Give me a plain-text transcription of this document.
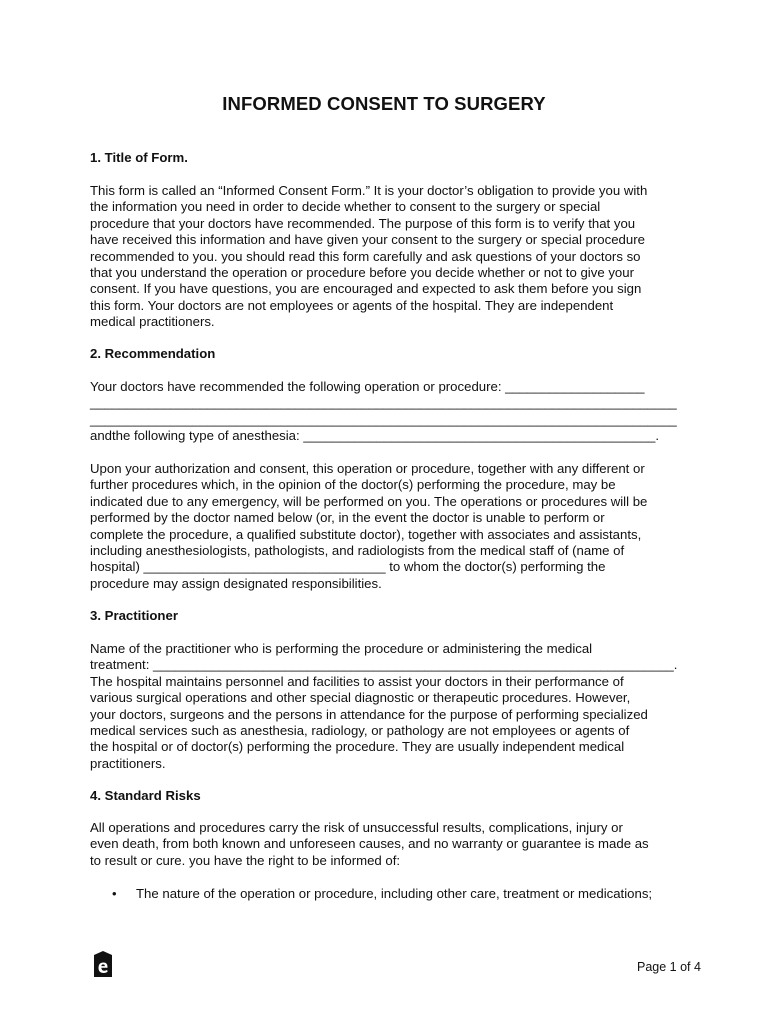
INFORMED CONSENT TO SURGERY
1. Title of Form.
This form is called an “Informed Consent Form.” It is your doctor’s obligation to provide you with
the information you need in order to decide whether to consent to the surgery or special
procedure that your doctors have recommended. The purpose of this form is to verify that you
have received this information and have given your consent to the surgery or special procedure
recommended to you. you should read this form carefully and ask questions of your doctors so
that you understand the operation or procedure before you decide whether or not to give your
consent. If you have questions, you are encouraged and expected to ask them before you sign
this form. Your doctors are not employees or agents of the hospital. They are independent
medical practitioners.
2. Recommendation
Your doctors have recommended the following operation or procedure: ___________________
________________________________________________________________________________
________________________________________________________________________________
andthe following type of anesthesia: ________________________________________________.
Upon your authorization and consent, this operation or procedure, together with any different or
further procedures which, in the opinion of the doctor(s) performing the procedure, may be
indicated due to any emergency, will be performed on you. The operations or procedures will be
performed by the doctor named below (or, in the event the doctor is unable to perform or
complete the procedure, a qualified substitute doctor), together with associates and assistants,
including anesthesiologists, pathologists, and radiologists from the medical staff of (name of
hospital) _________________________________ to whom the doctor(s) performing the
procedure may assign designated responsibilities.
3. Practitioner
Name of the practitioner who is performing the procedure or administering the medical
treatment: _______________________________________________________________________.
The hospital maintains personnel and facilities to assist your doctors in their performance of
various surgical operations and other special diagnostic or therapeutic procedures. However,
your doctors, surgeons and the persons in attendance for the purpose of performing specialized
medical services such as anesthesia, radiology, or pathology are not employees or agents of
the hospital or of doctor(s) performing the procedure. They are usually independent medical
practitioners.
4. Standard Risks
All operations and procedures carry the risk of unsuccessful results, complications, injury or
even death, from both known and unforeseen causes, and no warranty or guarantee is made as
to result or cure. you have the right to be informed of:
• The nature of the operation or procedure, including other care, treatment or medications;
Page 1 of 4
